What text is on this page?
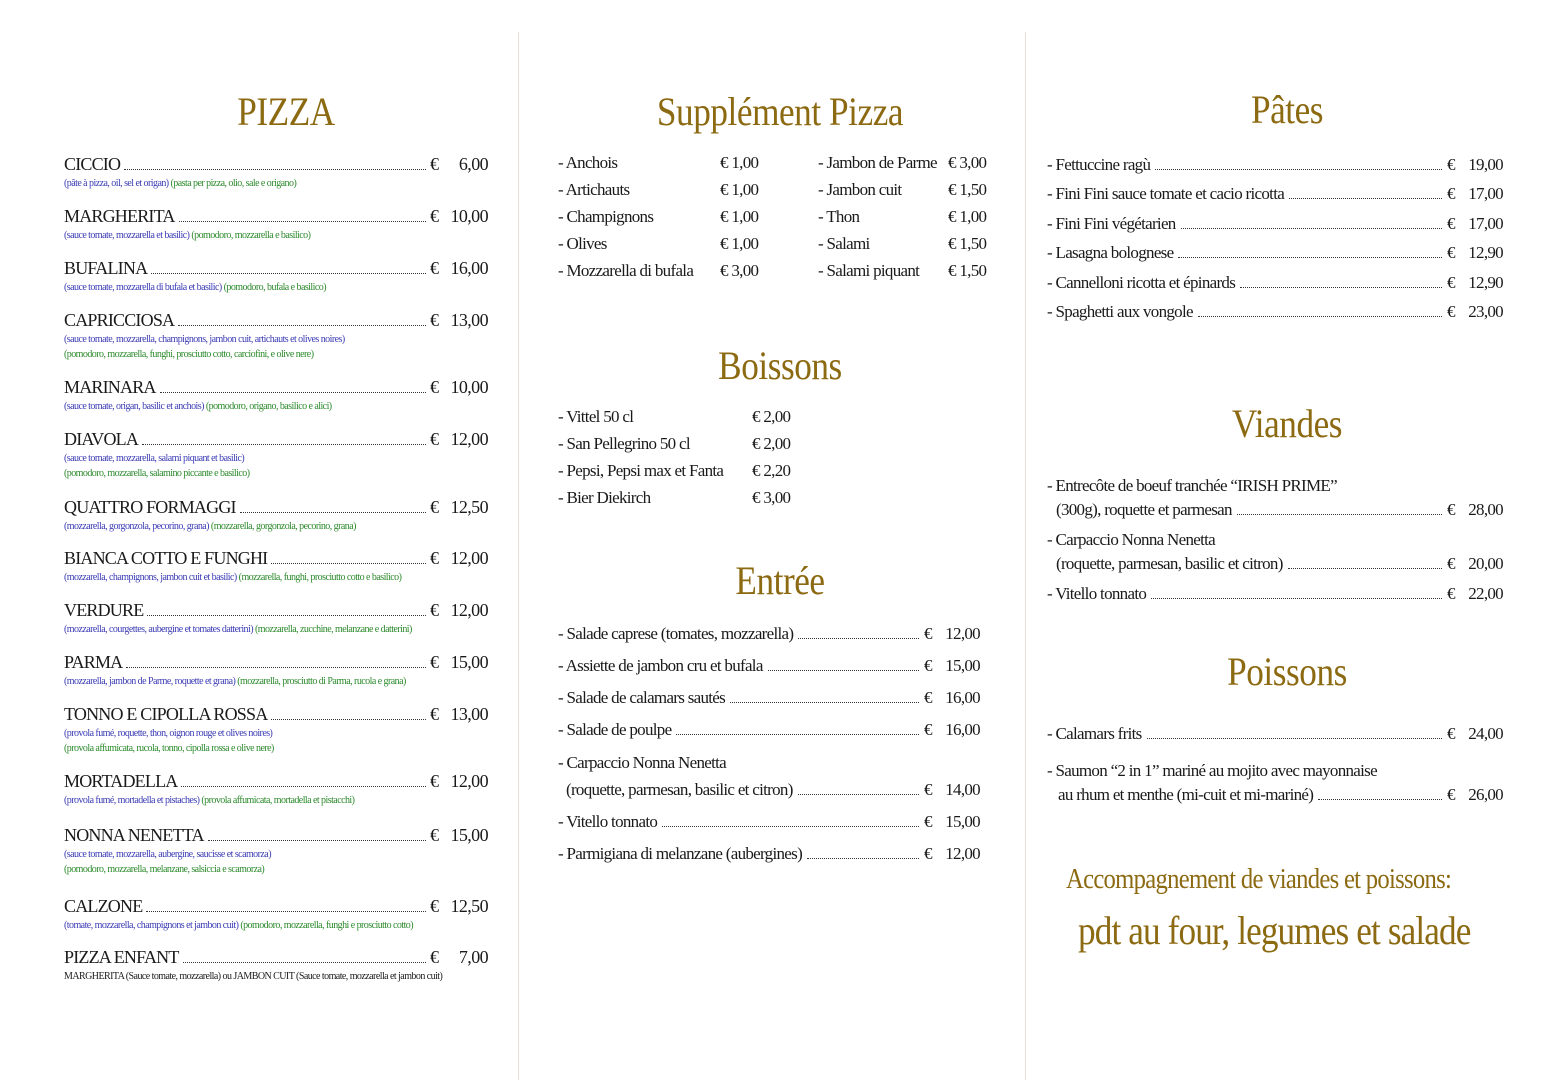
PIZZA
CICCIO	€	6,00
(pâte à pizza, oil, sel et origan) (pasta per pizza, olio, sale e origano)
MARGHERITA	€ 10,00
(sauce tomate, mozzarella et basilic) (pomodoro, mozzarella e basilico)
BUFALINA	€ 16,00
(sauce tomate, mozzarella di bufala et basilic) (pomodoro, bufala e basilico)
CAPRICCIOSA	€ 13,00
(sauce tomate, mozzarella, champignons, jambon cuit, artichauts et olives noires)
(pomodoro, mozzarella, funghi, prosciutto cotto, carciofini, e olive nere)
MARINARA	€ 10,00
(sauce tomate, origan, basilic et anchois) (pomodoro, origano, basilico e alici)
DIAVOLA	€ 12,00
(sauce tomate, mozzarella, salami piquant et basilic)
(pomodoro, mozzarella, salamino piccante e basilico)
QUATTRO FORMAGGI	€ 12,50
(mozzarella, gorgonzola, pecorino, grana) (mozzarella, gorgonzola, pecorino, grana)
BIANCA COTTO E FUNGHI	€ 12,00
(mozzarella, champignons, jambon cuit et basilic) (mozzarella, funghi, prosciutto cotto e basilico)
VERDURE	€ 12,00
(mozzarella, courgettes, aubergine et tomates datterini) (mozzarella, zucchine, melanzane e datterini)
PARMA	€ 15,00
(mozzarella, jambon de Parme, roquette et grana) (mozzarella, prosciutto di Parma, rucola e grana)
TONNO E CIPOLLA ROSSA	€ 13,00
(provola fumé, roquette, thon, oignon rouge et olives noires)
(provola affumicata, rucola, tonno, cipolla rossa e olive nere)
MORTADELLA	€ 12,00
(provola fumé, mortadella et pistaches) (provola affumicata, mortadella et pistacchi)
NONNA NENETTA	€ 15,00
(sauce tomate, mozzarella, aubergine, saucisse et scamorza)
(pomodoro, mozzarella, melanzane, salsiccia e scamorza)
CALZONE	€ 12,50
(tomate, mozzarella, champignons et jambon cuit) (pomodoro, mozzarella, funghi e prosciutto cotto)
PIZZA ENFANT	€	7,00
MARGHERITA (Sauce tomate, mozzarella) ou JAMBON CUIT (Sauce tomate, mozzarella et jambon cuit)
Supplément Pizza
- Anchois	€ 1,00
- Artichauts	€ 1,00
- Champignons	€ 1,00
- Olives	€ 1,00
- Mozzarella di bufala € 3,00
- Jambon de Parme € 3,00
- Jambon cuit	€ 1,50
- Thon	€ 1,00
- Salami	€ 1,50
- Salami piquant € 1,50
Boissons
- Vittel 50 cl	€ 2,00
- San Pellegrino 50 cl	€ 2,00
- Pepsi, Pepsi max et Fanta € 2,20
- Bier Diekirch	€ 3,00
Entrée
- Salade caprese (tomates, mozzarella)	€ 12,00
- Assiette de jambon cru et bufala	€ 15,00
- Salade de calamars sautés	€ 16,00
- Salade de poulpe	€ 16,00
- Carpaccio Nonna Nenetta
(roquette, parmesan, basilic et citron)	€ 14,00
- Vitello tonnato	€ 15,00
- Parmigiana di melanzane (aubergines)	€ 12,00
Pâtes
- Fettuccine ragù	€ 19,00
- Fini Fini sauce tomate et cacio ricotta	€ 17,00
- Fini Fini végétarien	€ 17,00
- Lasagna bolognese	€ 12,90
- Cannelloni ricotta et épinards	€ 12,90
- Spaghetti aux vongole	€ 23,00
Viandes
- Entrecôte de boeuf tranchée “IRISH PRIME”
(300g), roquette et parmesan	€ 28,00
- Carpaccio Nonna Nenetta
(roquette, parmesan, basilic et citron)	€ 20,00
- Vitello tonnato	€ 22,00
Poissons
- Calamars frits	€ 24,00
- Saumon “2 in 1” mariné au mojito avec mayonnaise
au rhum et menthe (mi-cuit et mi-mariné)	€ 26,00
Accompagnement de viandes et poissons:
pdt au four, legumes et salade
